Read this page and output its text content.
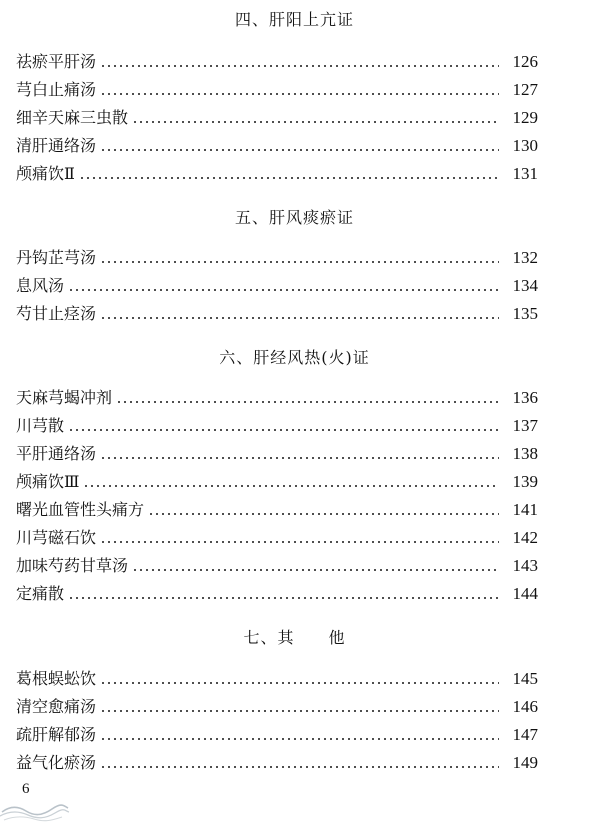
四、肝阳上亢证
祛瘀平肝汤	126
芎白止痛汤	127
细辛天麻三虫散	129
清肝通络汤	130
颅痛饮Ⅱ	131
五、肝风痰瘀证
丹钩芷芎汤	132
息风汤	134
芍甘止痉汤	135
六、肝经风热(火)证
天麻芎蝎冲剂	136
川芎散	137
平肝通络汤	138
颅痛饮Ⅲ	139
曙光血管性头痛方	141
川芎磁石饮	142
加味芍药甘草汤	143
定痛散	144
七、其　　他
葛根蜈蚣饮	145
清空愈痛汤	146
疏肝解郁汤	147
益气化瘀汤	149
6
